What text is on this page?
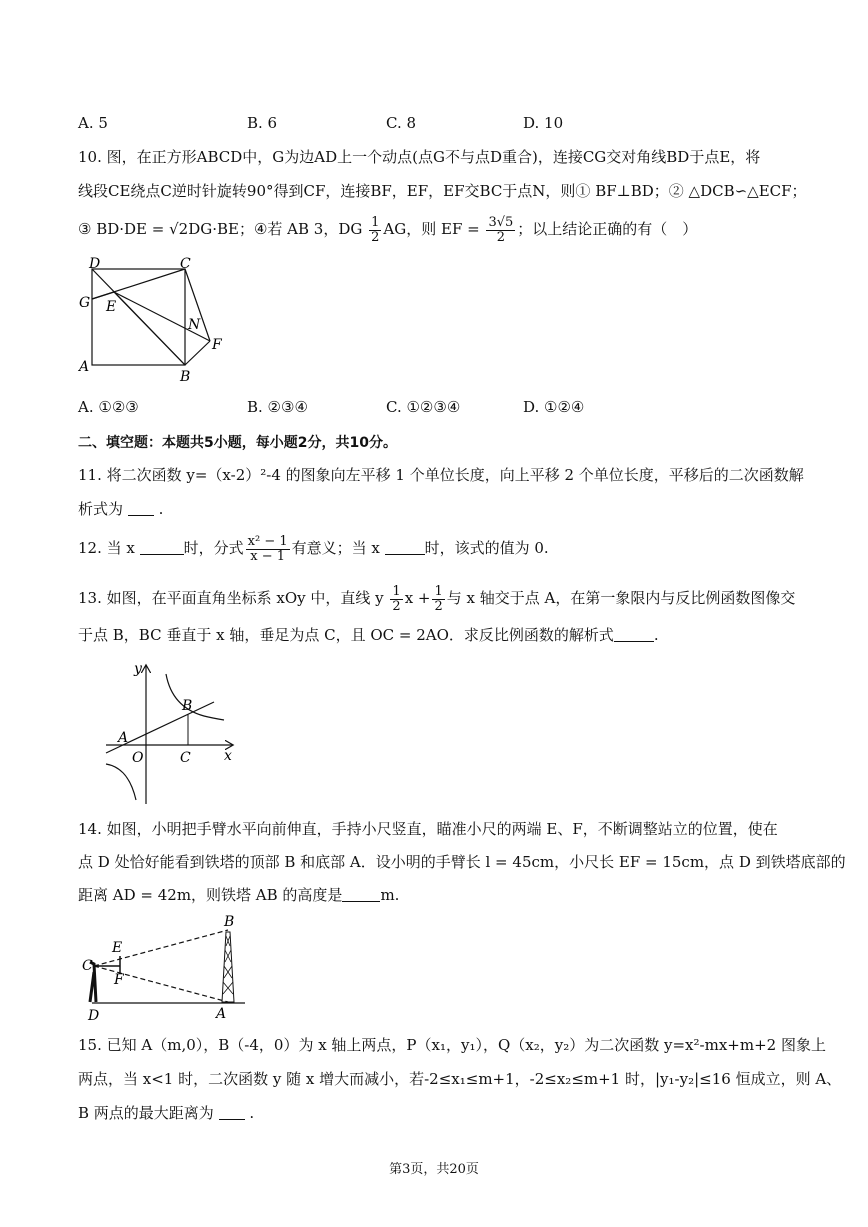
A. 5	B. 6	C. 8	D. 10
10. 图，在正方形ABCD中，G为边AD上一个动点(点G不与点D重合)，连接CG交对角线BD于点E，将
线段CE绕点C逆时针旋转90°得到CF，连接BF，EF，EF交BC于点N，则① BF⊥BD；② △DCB∽△ECF；
③ BD·DE = √2DG·BE；④若 AB 3，DG $\frac{1}{2}$ AG，则 EF = $\frac{3√5}{2}$ ；以上结论正确的有（　）
D	C
G E
N
F
A
B
A. ①②③	B. ②③④	C. ①②③④	D. ①②④
二、填空题：本题共5小题，每小题2分，共10分。
11. 将二次函数 y=（x-2）²-4 的图象向左平移 1 个单位长度，向上平移 2 个单位长度，平移后的二次函数解
析式为  .
12. 当 x	时，分式 $\frac{\text{x² − 1}}{x - 1}$ 有意义；当 x	时，该式的值为 0.
13. 如图，在平面直角坐标系 xOy 中，直线 y $\frac{1}{2}$ $x + \frac{1}{2}$ 与 x 轴交于点 A，在第一象限内与反比例函数图像交
于点 B，BC 垂直于 x 轴，垂足为点 C，且 OC = 2AO．求反比例函数的解析式	.
y
B
A
O	C x
14. 如图，小明把手臂水平向前伸直，手持小尺竖直，瞄准小尺的两端 E、F，不断调整站立的位置，使在
点 D 处恰好能看到铁塔的顶部 B 和底部 A．设小明的手臂长 l = 45cm，小尺长 EF = 15cm，点 D 到铁塔底部的
距离 AD = 42m，则铁塔 AB 的高度是	m.
B
E
C
F
D	A
15. 已知 A（m,0），B（-4，0）为 x 轴上两点，P（x₁，y₁），Q（x₂，y₂）为二次函数 y=x²-mx+m+2 图象上
两点，当 x<1 时，二次函数 y 随 x 增大而减小，若-2≤x₁≤m+1，-2≤x₂≤m+1 时，|y₁-y₂|≤16 恒成立，则 A、
B 两点的最大距离为  .
第3页，共20页
